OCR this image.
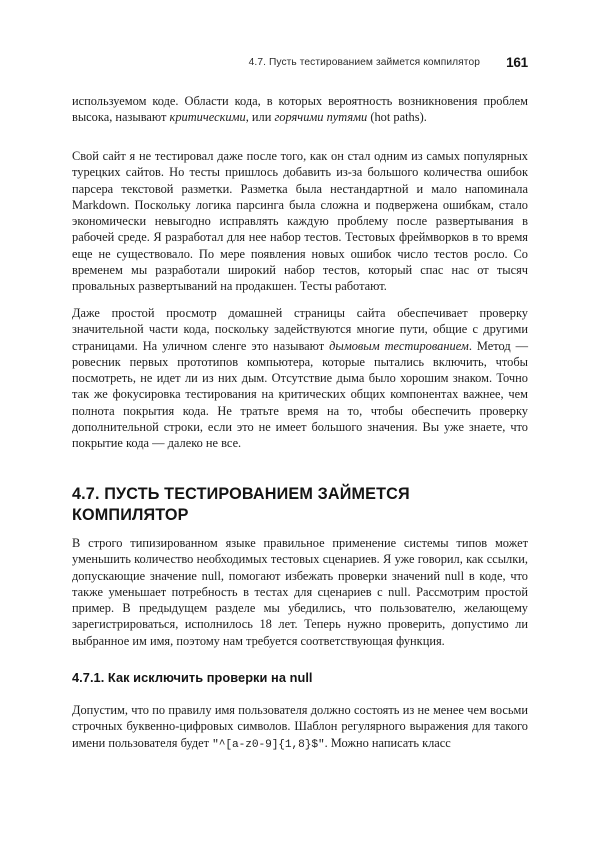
4.7. Пусть тестированием займется компилятор 161

используемом коде. Области кода, в которых вероятность возникновения проблем высока, называют критическими, или горячими путями (hot paths).

Свой сайт я не тестировал даже после того, как он стал одним из самых популярных турецких сайтов. Но тесты пришлось добавить из-за большого количества ошибок парсера текстовой разметки. Разметка была нестандартной и мало напоминала Markdown. Поскольку логика парсинга была сложна и подвержена ошибкам, стало экономически невыгодно исправлять каждую проблему после развертывания в рабочей среде. Я разработал для нее набор тестов. Тестовых фреймворков в то время еще не существовало. По мере появления новых ошибок число тестов росло. Со временем мы разработали широкий набор тестов, который спас нас от тысяч провальных развертываний на продакшен. Тесты работают.

Даже простой просмотр домашней страницы сайта обеспечивает проверку значительной части кода, поскольку задействуются многие пути, общие с другими страницами. На уличном сленге это называют дымовым тестированием. Метод — ровесник первых прототипов компьютера, которые пытались включить, чтобы посмотреть, не идет ли из них дым. Отсутствие дыма было хорошим знаком. Точно так же фокусировка тестирования на критических общих компонентах важнее, чем полнота покрытия кода. Не тратьте время на то, чтобы обеспечить проверку дополнительной строки, если это не имеет большого значения. Вы уже знаете, что покрытие кода — далеко не все.

4.7. ПУСТЬ ТЕСТИРОВАНИЕМ ЗАЙМЕТСЯ КОМПИЛЯТОР

В строго типизированном языке правильное применение системы типов может уменьшить количество необходимых тестовых сценариев. Я уже говорил, как ссылки, допускающие значение null, помогают избежать проверки значений null в коде, что также уменьшает потребность в тестах для сценариев с null. Рассмотрим простой пример. В предыдущем разделе мы убедились, что пользователю, желающему зарегистрироваться, исполнилось 18 лет. Теперь нужно проверить, допустимо ли выбранное им имя, поэтому нам требуется соответствующая функция.

4.7.1. Как исключить проверки на null

Допустим, что по правилу имя пользователя должно состоять из не менее чем восьми строчных буквенно-цифровых символов. Шаблон регулярного выражения для такого имени пользователя будет "^[a-z0-9]{1,8}$". Можно написать класс
